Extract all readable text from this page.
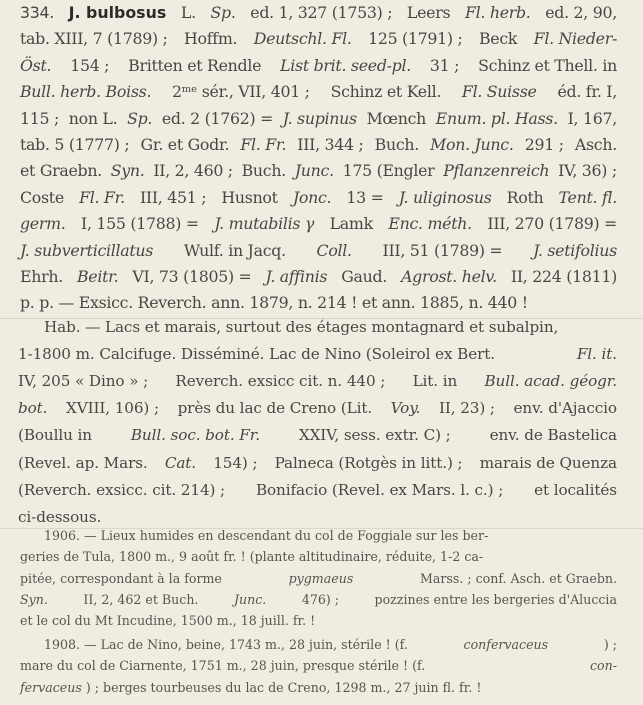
334. J. bulbosus L. Sp. ed. 1, 327 (1753) ; Leers Fl. herb. ed. 2, 90,
tab. XIII, 7 (1789) ; Hoffm. Deutschl. Fl. 125 (1791) ; Beck Fl. Nieder-
Öst. 154 ; Britten et Rendle List brit. seed-pl. 31 ; Schinz et Thell. in
Bull. herb. Boiss. 2ᵐᵉ sér., VII, 401 ; Schinz et Kell. Fl. Suisse éd. fr. I,
115 ; non L. Sp. ed. 2 (1762) = J. supinus Mœnch Enum. pl. Hass. I, 167,
tab. 5 (1777) ; Gr. et Godr. Fl. Fr. III, 344 ; Buch. Mon. Junc. 291 ; Asch.
et Graebn. Syn. II, 2, 460 ; Buch. Junc. 175 (Engler Pflanzenreich IV, 36) ;
Coste Fl. Fr. III, 451 ; Husnot Jonc. 13 = J. uliginosus Roth Tent. fl.
germ. I, 155 (1788) = J. mutabilis γ Lamk Enc. méth. III, 270 (1789) =
J. subverticillatus Wulf. in Jacq. Coll. III, 51 (1789) = J. setifolius
Ehrh. Beitr. VI, 73 (1805) = J. affinis Gaud. Agrost. helv. II, 224 (1811)
p. p. — Exsicc. Reverch. ann. 1879, n. 214 ! et ann. 1885, n. 440 !
Hab. — Lacs et marais, surtout des étages montagnard et subalpin,
1-1800 m. Calcifuge. Disséminé. Lac de Nino (Soleirol ex Bert.	Fl. it.
IV, 205 « Dino » ; Reverch. exsicc cit. n. 440 ; Lit. in Bull. acad. géogr.
bot. XVIII, 106) ; près du lac de Creno (Lit. Voy. II, 23) ; env. d'Ajaccio
(Boullu in	Bull. soc. bot. Fr.	XXIV, sess. extr. C) ;	env. de Bastelica
(Revel. ap. Mars. Cat. 154) ; Palneca (Rotgès in litt.) ; marais de Quenza
(Reverch. exsicc. cit. 214) ; Bonifacio (Revel. ex Mars. l. c.) ; et localités
ci-dessous.
1906. — Lieux humides en descendant du col de Foggiale sur les ber-
geries de Tula, 1800 m., 9 août fr. ! (plante altitudinaire, réduite, 1-2 ca-
pitée, correspondant à la forme	pygmaeus	Marss. ; conf. Asch. et Graebn.
Syn.	II, 2, 462 et Buch.	Junc.	476) ;	pozzines entre les bergeries d'Aluccia
et le col du Mt Incudine, 1500 m., 18 juill. fr. !
1908. — Lac de Nino, beine, 1743 m., 28 juin, stérile ! (f.	confervaceus	) ;
mare du col de Ciarnente, 1751 m., 28 juin, presque stérile ! (f.	con-
fervaceus ) ; berges tourbeuses du lac de Creno, 1298 m., 27 juin fl. fr. !
